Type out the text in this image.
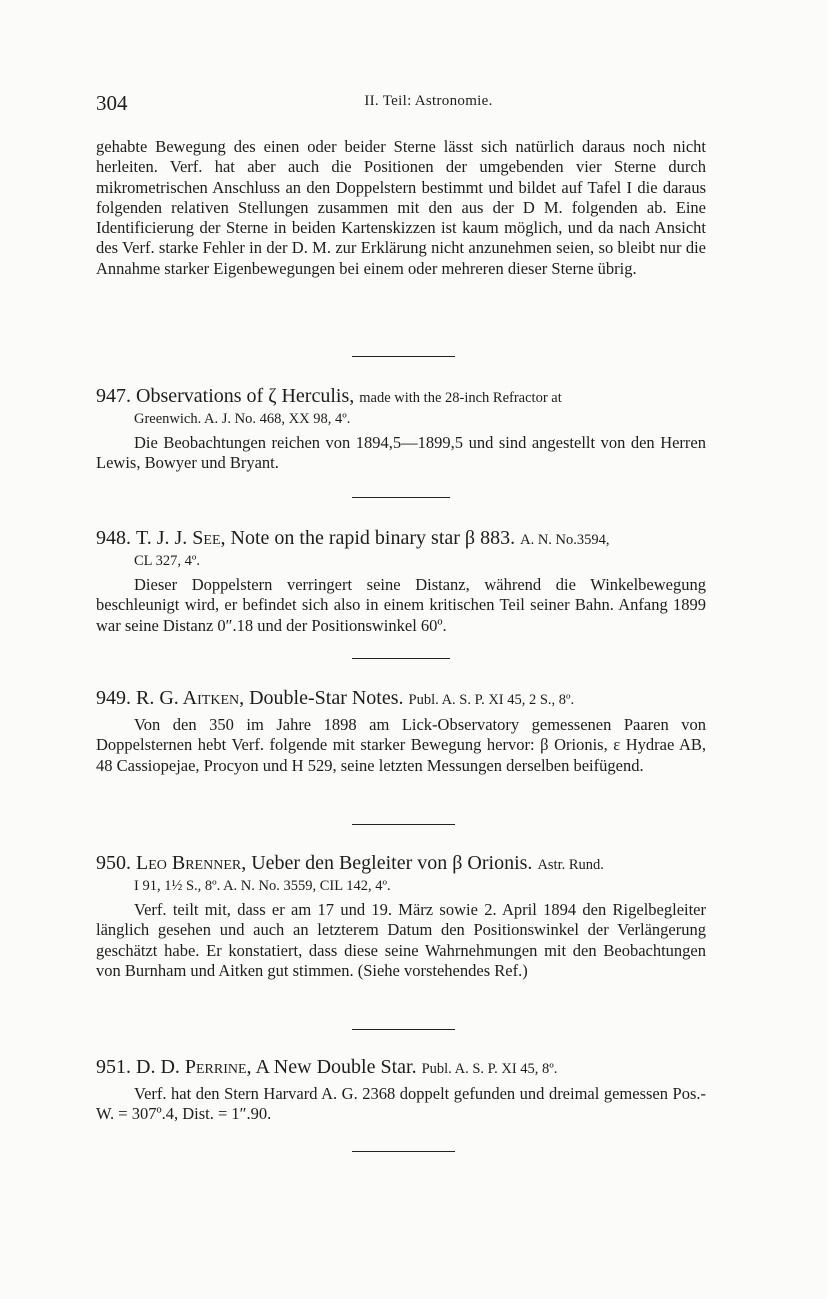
304	II. Teil: Astronomie.

gehabte Bewegung des einen oder beider Sterne lässt sich natürlich daraus noch nicht herleiten. Verf. hat aber auch die Positionen der umgebenden vier Sterne durch mikrometrischen Anschluss an den Doppelstern bestimmt und bildet auf Tafel I die daraus folgenden relativen Stellungen zusammen mit den aus der D M. folgenden ab. Eine Identificierung der Sterne in beiden Kartenskizzen ist kaum möglich, und da nach Ansicht des Verf. starke Fehler in der D. M. zur Erklärung nicht anzunehmen seien, so bleibt nur die Annahme starker Eigenbewegungen bei einem oder mehreren dieser Sterne übrig.

947. Observations of ζ Herculis, made with the 28-inch Refractor at

Greenwich. A. J. No. 468, XX 98, 4º.

Die Beobachtungen reichen von 1894,5—1899,5 und sind angestellt von den Herren Lewis, Bowyer und Bryant.

948. T. J. J. See, Note on the rapid binary star β 883. A. N. No.3594,

CL 327, 4º.

Dieser Doppelstern verringert seine Distanz, während die Winkelbewegung beschleunigt wird, er befindet sich also in einem kritischen Teil seiner Bahn. Anfang 1899 war seine Distanz 0″.18 und der Positionswinkel 60º.

949. R. G. Aitken, Double-Star Notes. Publ. A. S. P. XI 45, 2 S., 8º.

Von den 350 im Jahre 1898 am Lick-Observatory gemessenen Paaren von Doppelsternen hebt Verf. folgende mit starker Bewegung hervor: β Orionis, ε Hydrae AB, 48 Cassiopejae, Procyon und H 529, seine letzten Messungen derselben beifügend.

950. Leo Brenner, Ueber den Begleiter von β Orionis. Astr. Rund.

I 91, 1½ S., 8º. A. N. No. 3559, CIL 142, 4º.

Verf. teilt mit, dass er am 17 und 19. März sowie 2. April 1894 den Rigelbegleiter länglich gesehen und auch an letzterem Datum den Positionswinkel der Verlängerung geschätzt habe. Er konstatiert, dass diese seine Wahrnehmungen mit den Beobachtungen von Burnham und Aitken gut stimmen. (Siehe vorstehendes Ref.)

951. D. D. Perrine, A New Double Star. Publ. A. S. P. XI 45, 8º.

Verf. hat den Stern Harvard A. G. 2368 doppelt gefunden und dreimal gemessen Pos.-W. = 307º.4, Dist. = 1″.90.
